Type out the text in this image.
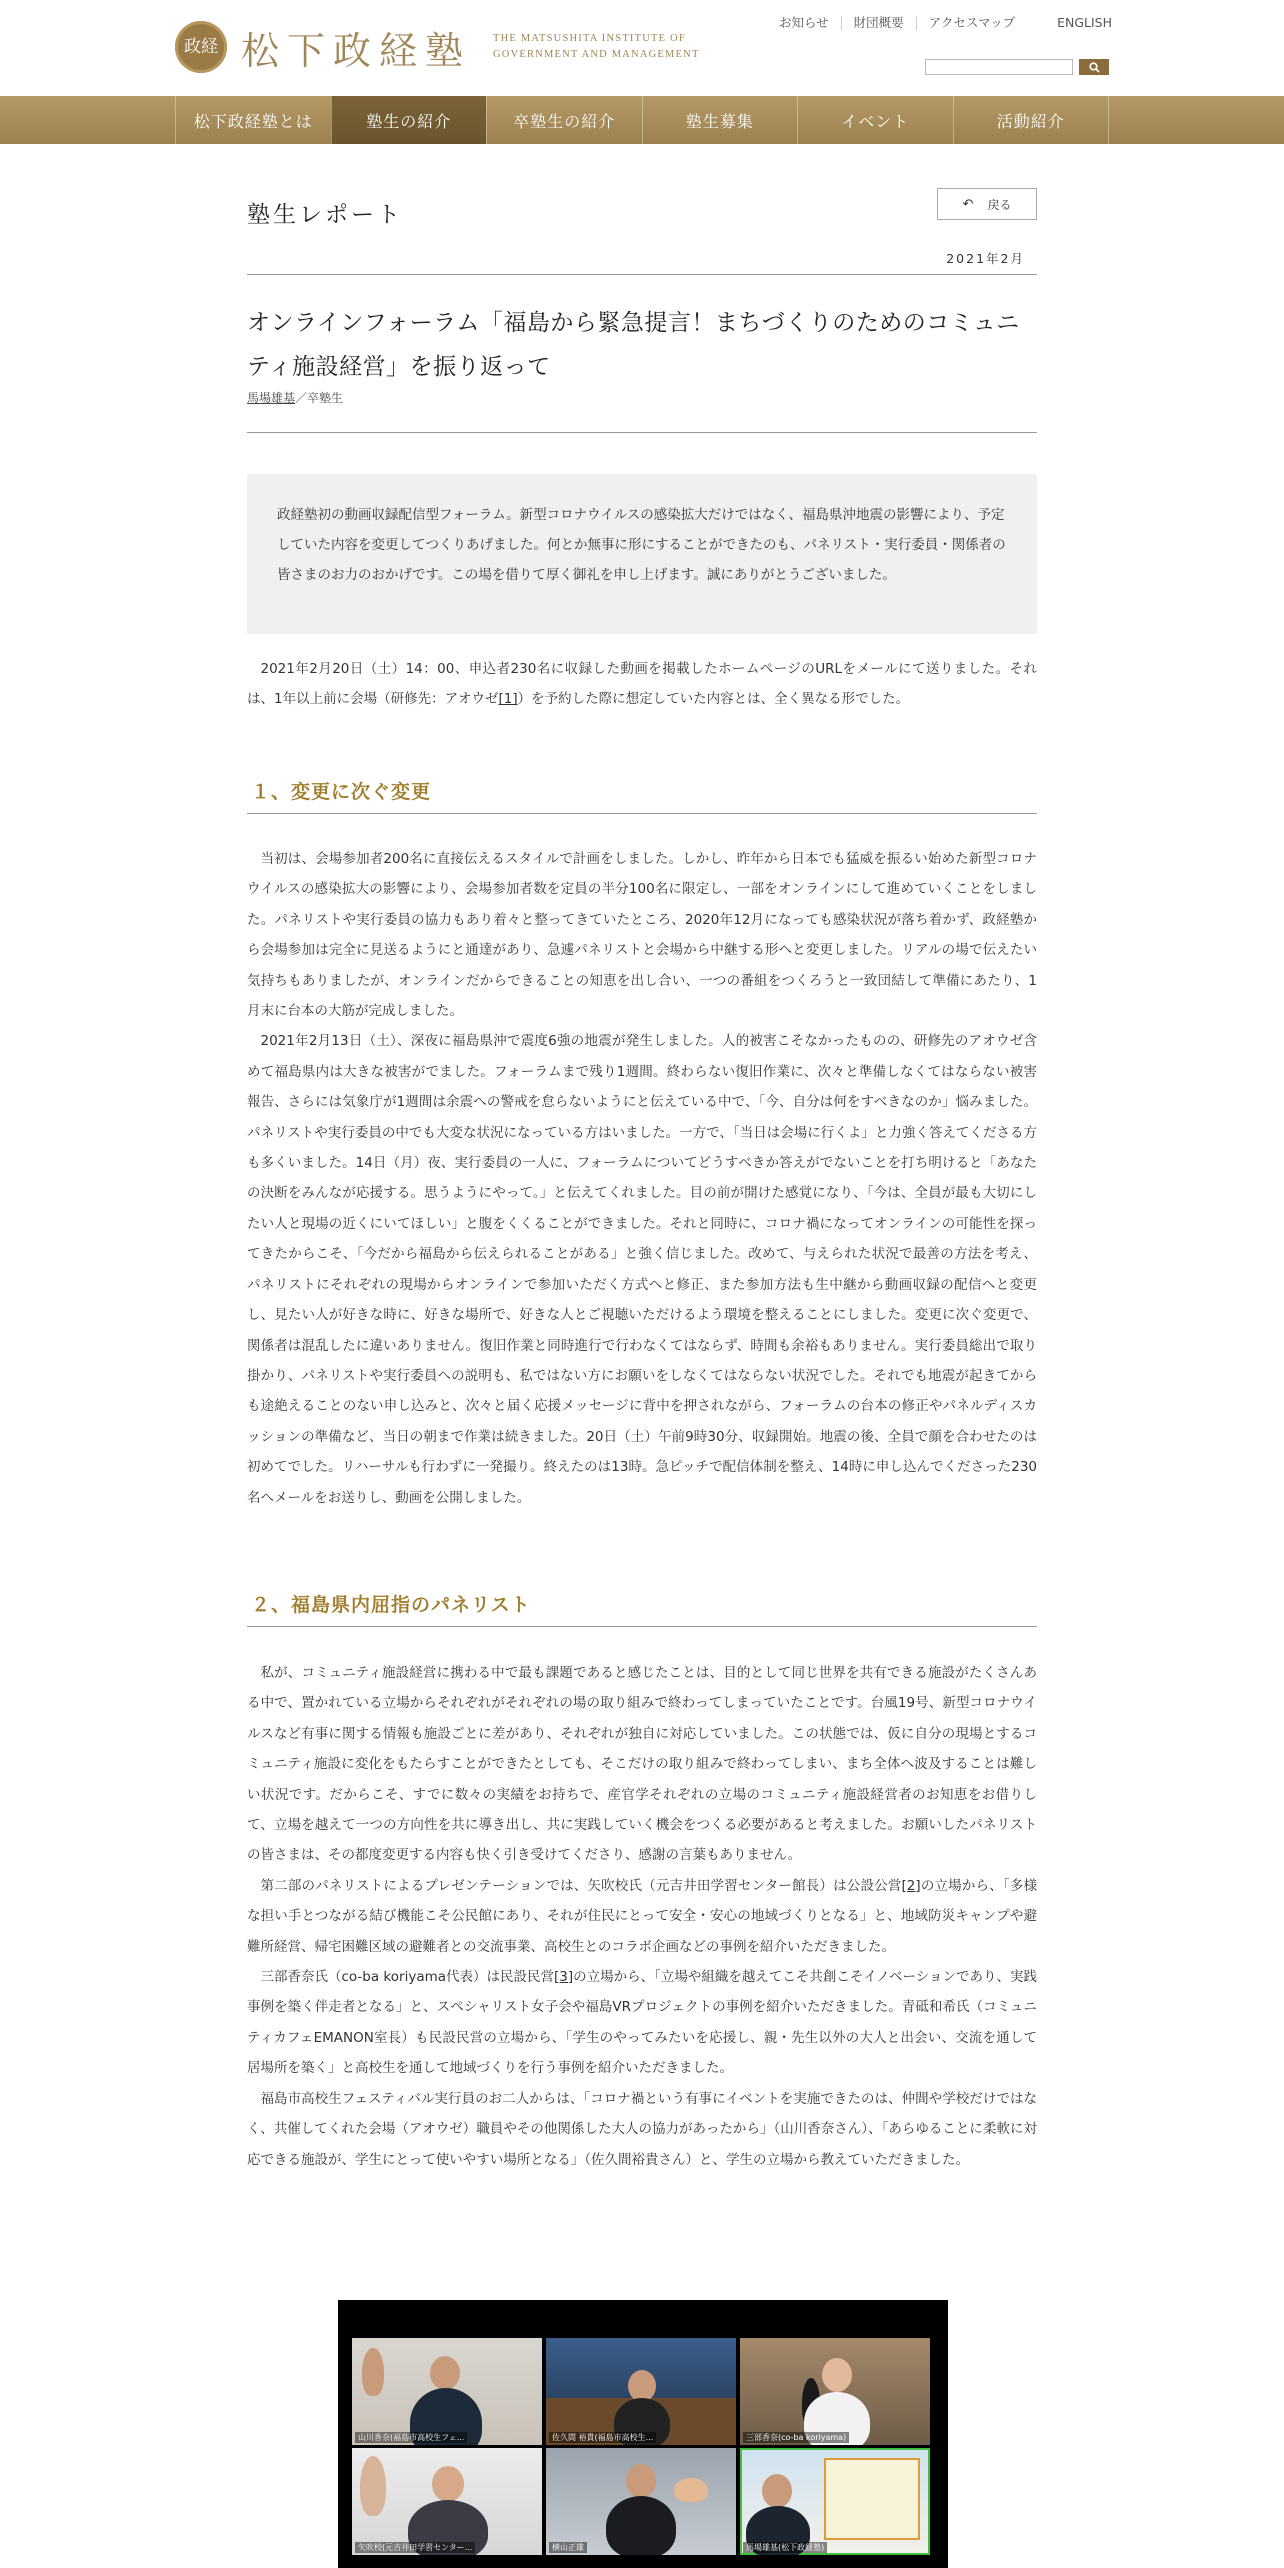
政経 松下政経塾 THE MATSUSHITA INSTITUTE OF
GOVERNMENT AND MANAGEMENT
お知らせ	財団概要	アクセスマップ	ENGLISH
松下政経塾とは	塾生の紹介	卒塾生の紹介	塾生募集	イベント	活動紹介
塾生レポート	↶ 戻る
2021年2月
オンラインフォーラム「福島から緊急提言！まちづくりのためのコミュニティ施設経営」を振り返って
馬場雄基／卒塾生
政経塾初の動画収録配信型フォーラム。新型コロナウイルスの感染拡大だけではなく、福島県沖地震の影響により、予定していた内容を変更してつくりあげました。何とか無事に形にすることができたのも、パネリスト・実行委員・関係者の皆さまのお力のおかげです。この場を借りて厚く御礼を申し上げます。誠にありがとうございました。

2021年2月20日（土）14：00、申込者230名に収録した動画を掲載したホームページのURLをメールにて送りました。それは、1年以上前に会場（研修先：アオウゼ[1]）を予約した際に想定していた内容とは、全く異なる形でした。

１、変更に次ぐ変更

当初は、会場参加者200名に直接伝えるスタイルで計画をしました。しかし、昨年から日本でも猛威を振るい始めた新型コロナウイルスの感染拡大の影響により、会場参加者数を定員の半分100名に限定し、一部をオンラインにして進めていくことをしました。パネリストや実行委員の協力もあり着々と整ってきていたところ、2020年12月になっても感染状況が落ち着かず、政経塾から会場参加は完全に見送るようにと通達があり、急遽パネリストと会場から中継する形へと変更しました。リアルの場で伝えたい気持ちもありましたが、オンラインだからできることの知恵を出し合い、一つの番組をつくろうと一致団結して準備にあたり、1月末に台本の大筋が完成しました。

2021年2月13日（土）、深夜に福島県沖で震度6強の地震が発生しました。人的被害こそなかったものの、研修先のアオウゼ含めて福島県内は大きな被害がでました。フォーラムまで残り1週間。終わらない復旧作業に、次々と準備しなくてはならない被害報告、さらには気象庁が1週間は余震への警戒を怠らないようにと伝えている中で、「今、自分は何をすべきなのか」悩みました。パネリストや実行委員の中でも大変な状況になっている方はいました。一方で、「当日は会場に行くよ」と力強く答えてくださる方も多くいました。14日（月）夜、実行委員の一人に、フォーラムについてどうすべきか答えがでないことを打ち明けると「あなたの決断をみんなが応援する。思うようにやって。」と伝えてくれました。目の前が開けた感覚になり、「今は、全員が最も大切にしたい人と現場の近くにいてほしい」と腹をくくることができました。それと同時に、コロナ禍になってオンラインの可能性を探ってきたからこそ、「今だから福島から伝えられることがある」と強く信じました。改めて、与えられた状況で最善の方法を考え、パネリストにそれぞれの現場からオンラインで参加いただく方式へと修正、また参加方法も生中継から動画収録の配信へと変更し、見たい人が好きな時に、好きな場所で、好きな人とご視聴いただけるよう環境を整えることにしました。変更に次ぐ変更で、関係者は混乱したに違いありません。復旧作業と同時進行で行わなくてはならず、時間も余裕もありません。実行委員総出で取り掛かり、パネリストや実行委員への説明も、私ではない方にお願いをしなくてはならない状況でした。それでも地震が起きてからも途絶えることのない申し込みと、次々と届く応援メッセージに背中を押されながら、フォーラムの台本の修正やパネルディスカッションの準備など、当日の朝まで作業は続きました。20日（土）午前9時30分、収録開始。地震の後、全員で顔を合わせたのは初めてでした。リハーサルも行わずに一発撮り。終えたのは13時。急ピッチで配信体制を整え、14時に申し込んでくださった230名へメールをお送りし、動画を公開しました。

２、福島県内屈指のパネリスト

私が、コミュニティ施設経営に携わる中で最も課題であると感じたことは、目的として同じ世界を共有できる施設がたくさんある中で、置かれている立場からそれぞれがそれぞれの場の取り組みで終わってしまっていたことです。台風19号、新型コロナウイルスなど有事に関する情報も施設ごとに差があり、それぞれが独自に対応していました。この状態では、仮に自分の現場とするコミュニティ施設に変化をもたらすことができたとしても、そこだけの取り組みで終わってしまい、まち全体へ波及することは難しい状況です。だからこそ、すでに数々の実績をお持ちで、産官学それぞれの立場のコミュニティ施設経営者のお知恵をお借りして、立場を越えて一つの方向性を共に導き出し、共に実践していく機会をつくる必要があると考えました。お願いしたパネリストの皆さまは、その都度変更する内容も快く引き受けてくださり、感謝の言葉もありません。

第二部のパネリストによるプレゼンテーションでは、矢吹校氏（元吉井田学習センター館長）は公設公営[2]の立場から、「多様な担い手とつながる結び機能こそ公民館にあり、それが住民にとって安全・安心の地域づくりとなる」と、地域防災キャンプや避難所経営、帰宅困難区域の避難者との交流事業、高校生とのコラボ企画などの事例を紹介いただきました。

三部香奈氏（co-ba koriyama代表）は民設民営[3]の立場から、「立場や組織を越えてこそ共創こそイノベーションであり、実践事例を築く伴走者となる」と、スペシャリスト女子会や福島VRプロジェクトの事例を紹介いただきました。青砥和希氏（コミュニティカフェEMANON室長）も民設民営の立場から、「学生のやってみたいを応援し、親・先生以外の大人と出会い、交流を通して居場所を築く」と高校生を通して地域づくりを行う事例を紹介いただきました。

福島市高校生フェスティバル実行員のお二人からは、「コロナ禍という有事にイベントを実施できたのは、仲間や学校だけではなく、共催してくれた会場（アオウゼ）職員やその他関係した大人の協力があったから」（山川香奈さん）、「あらゆることに柔軟に対応できる施設が、学生にとって使いやすい場所となる」（佐久間裕貴さん）と、学生の立場から教えていただきました。

山川香奈(福島市高校生フェ...	佐久間 裕貴(福島市高校生...	三部香奈(co-ba koriyama)
矢吹校(元吉井田学習センター...	横山正雄	馬場雄基(松下政経塾)
